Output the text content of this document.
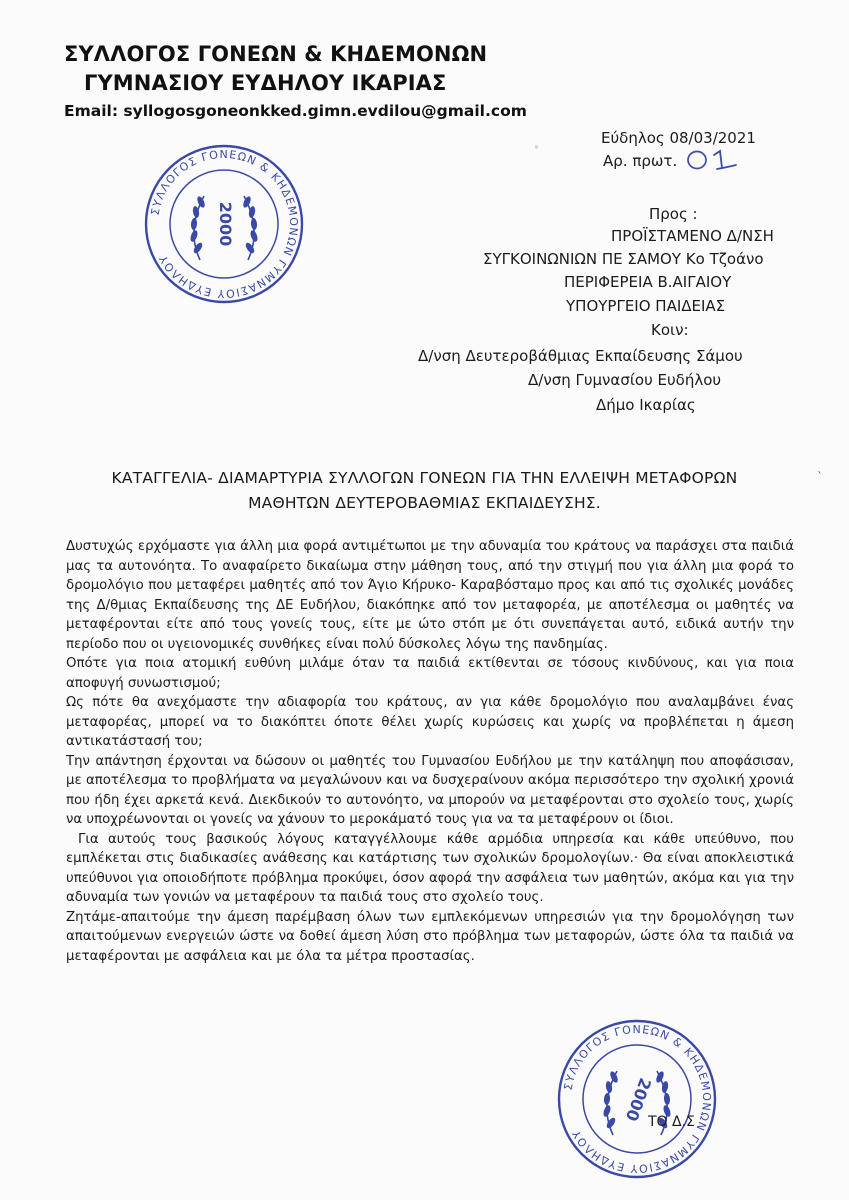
ΣΥΛΛΟΓΟΣ ΓΟΝΕΩΝ & ΚΗΔΕΜΟΝΩΝ
ΓΥΜΝΑΣΙΟΥ ΕΥΔΗΛΟΥ ΙΚΑΡΙΑΣ
Email: syllogosgoneonkked.gimn.evdilou@gmail.com
Εύδηλος 08/03/2021
Αρ. πρωτ.
ᵍ
Προς :
ΠΡΟΪΣΤΑΜΕΝΟ Δ/ΝΣΗ
ΣΥΓΚΟΙΝΩΝΙΩΝ ΠΕ ΣΑΜΟΥ Κο Τζοάνο
ΠΕΡΙΦΕΡΕΙΑ Β.ΑΙΓΑΙΟΥ
ΥΠΟΥΡΓΕΙΟ ΠΑΙΔΕΙΑΣ
Κοιν:
Δ/νση Δευτεροβάθμιας Εκπαίδευσης Σάμου
Δ/νση Γυμνασίου Ευδήλου
Δήμο Ικαρίας
ΚΑΤΑΓΓΕΛΙΑ- ΔΙΑΜΑΡΤΥΡΙΑ ΣΥΛΛΟΓΩΝ ΓΟΝΕΩΝ ΓΙΑ ΤΗΝ ΕΛΛΕΙΨΗ ΜΕΤΑΦΟΡΩΝ
ΜΑΘΗΤΩΝ ΔΕΥΤΕΡΟΒΑΘΜΙΑΣ ΕΚΠΑΙΔΕΥΣΗΣ.
ˋ

Δυστυχώς ερχόμαστε για άλλη μια φορά αντιμέτωποι με την αδυναμία του κράτους να παράσχει στα παιδιά μας τα αυτονόητα. Το αναφαίρετο δικαίωμα στην μάθηση τους, από την στιγμή που για άλλη μια φορά το δρομολόγιο που μεταφέρει μαθητές από τον Άγιο Κήρυκο- Καραβόσταμο προς και από τις σχολικές μονάδες της Δ/θμιας Εκπαίδευσης της ΔΕ Ευδήλου, διακόπηκε από τον μεταφορέα, με αποτέλεσμα οι μαθητές να μεταφέρονται είτε από τους γονείς τους, είτε με ώτο στόπ με ότι συνεπάγεται αυτό, ειδικά αυτήν την περίοδο που οι υγειονομικές συνθήκες είναι πολύ δύσκολες λόγω της πανδημίας.

Οπότε για ποια ατομική ευθύνη μιλάμε όταν τα παιδιά εκτίθενται σε τόσους κινδύνους, και για ποια αποφυγή συνωστισμού;

Ως πότε θα ανεχόμαστε την αδιαφορία του κράτους, αν για κάθε δρομολόγιο που αναλαμβάνει ένας μεταφορέας, μπορεί να το διακόπτει όποτε θέλει χωρίς κυρώσεις και χωρίς να προβλέπεται η άμεση αντικατάστασή του;

Την απάντηση έρχονται να δώσουν οι μαθητές του Γυμνασίου Ευδήλου με την κατάληψη που αποφάσισαν, με αποτέλεσμα το προβλήματα να μεγαλώνουν και να δυσχεραίνουν ακόμα περισσότερο την σχολική χρονιά που ήδη έχει αρκετά κενά. Διεκδικούν το αυτονόητο, να μπορούν να μεταφέρονται στο σχολείο τους, χωρίς να υποχρέωνονται οι γονείς να χάνουν το μεροκάματό τους για να τα μεταφέρουν οι ίδιοι.

Για αυτούς τους βασικούς λόγους καταγγέλλουμε κάθε αρμόδια υπηρεσία και κάθε υπεύθυνο, που εμπλέκεται στις διαδικασίες ανάθεσης και κατάρτισης των σχολικών δρομολογίων.· Θα είναι αποκλειστικά υπεύθυνοι για οποιοδήποτε πρόβλημα προκύψει, όσον αφορά την ασφάλεια των μαθητών, ακόμα και για την αδυναμία των γονιών να μεταφέρουν τα παιδιά τους στο σχολείο τους.

Ζητάμε-απαιτούμε την άμεση παρέμβαση όλων των εμπλεκόμενων υπηρεσιών για την δρομολόγηση των απαιτούμενων ενεργειών ώστε να δοθεί άμεση λύση στο πρόβλημα των μεταφορών, ώστε όλα τα παιδιά να μεταφέρονται με ασφάλεια και με όλα τα μέτρα προστασίας.

ΣΥΛΛΟΓΟΣ ΓΟΝΕΩΝ & ΚΗΔΕΜΟΝΩΝ ΓΥΜΝΑΣΙΟΥ ΕΥΔΗΛΟΥ
2000
ΣΥΛΛΟΓΟΣ ΓΟΝΕΩΝ & ΚΗΔΕΜΟΝΩΝ ΓΥΜΝΑΣΙΟΥ ΕΥΔΗΛΟΥ
2000
ΤΟ Δ.Σ
